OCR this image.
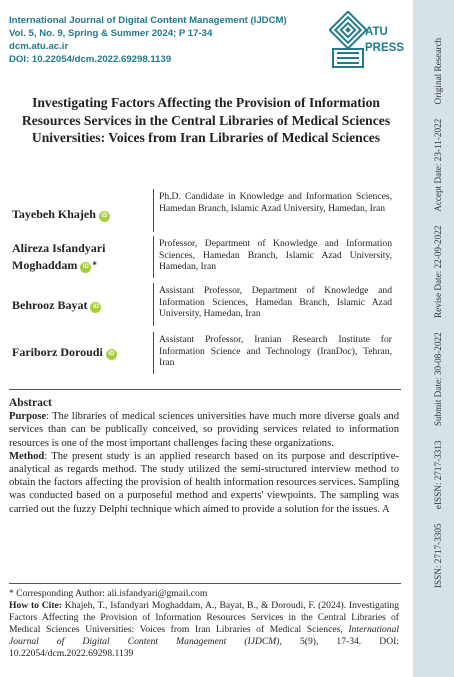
International Journal of Digital Content Management (IJDCM)
Vol. 5, No. 9, Spring & Summer 2024; P 17-34
dcm.atu.ac.ir
DOI: 10.22054/dcm.2022.69298.1139
ATU
PRESS
ISSN: 2717-3305 eISSN: 2717-3313 Submit Date: 30-08-2022 Revise Date: 22-09-2022 Accept Date: 23-11-2022 Original Research
Investigating Factors Affecting the Provision of Information Resources Services in the Central Libraries of Medical Sciences Universities: Voices from Iran Libraries of Medical Sciences
Tayebeh Khajeh iD
Ph.D. Candidate in Knowledge and Information Sciences, Hamedan Branch, Islamic Azad University, Hamedan, Iran
Alireza Isfandyari
Moghaddam iD *
Professor, Department of Knowledge and Information Sciences, Hamedan Branch, Islamic Azad University, Hamedan, Iran
Behrooz Bayat iD
Assistant Professor, Department of Knowledge and Information Sciences, Hamedan Branch, Islamic Azad University, Hamedan, Iran
Fariborz Doroudi iD
Assistant Professor, Iranian Research Institute for Information Science and Technology (IranDoc), Tehran, Iran
Abstract

Purpose: The libraries of medical sciences universities have much more diverse goals and services than can be publically conceived, so providing services related to information resources is one of the most important challenges facing these organizations.

Method: The present study is an applied research based on its purpose and descriptive-analytical as regards method. The study utilized the semi-structured interview method to obtain the factors affecting the provision of health information resources services. Sampling was conducted based on a purposeful method and experts' viewpoints. The sampling was carried out the fuzzy Delphi technique which aimed to provide a solution for the issues. A

* Corresponding Author: ali.isfandyari@gmail.com

How to Cite: Khajeh, T., Isfandyari Moghaddam, A., Bayat, B., & Doroudi, F. (2024). Investigating Factors Affecting the Provision of Information Resources Services in the Central Libraries of Medical Sciences Universities: Voices from Iran Libraries of Medical Sciences, International Journal of Digital Content Management (IJDCM), 5(9), 17-34. DOI: 10.22054/dcm.2022.69298.1139
